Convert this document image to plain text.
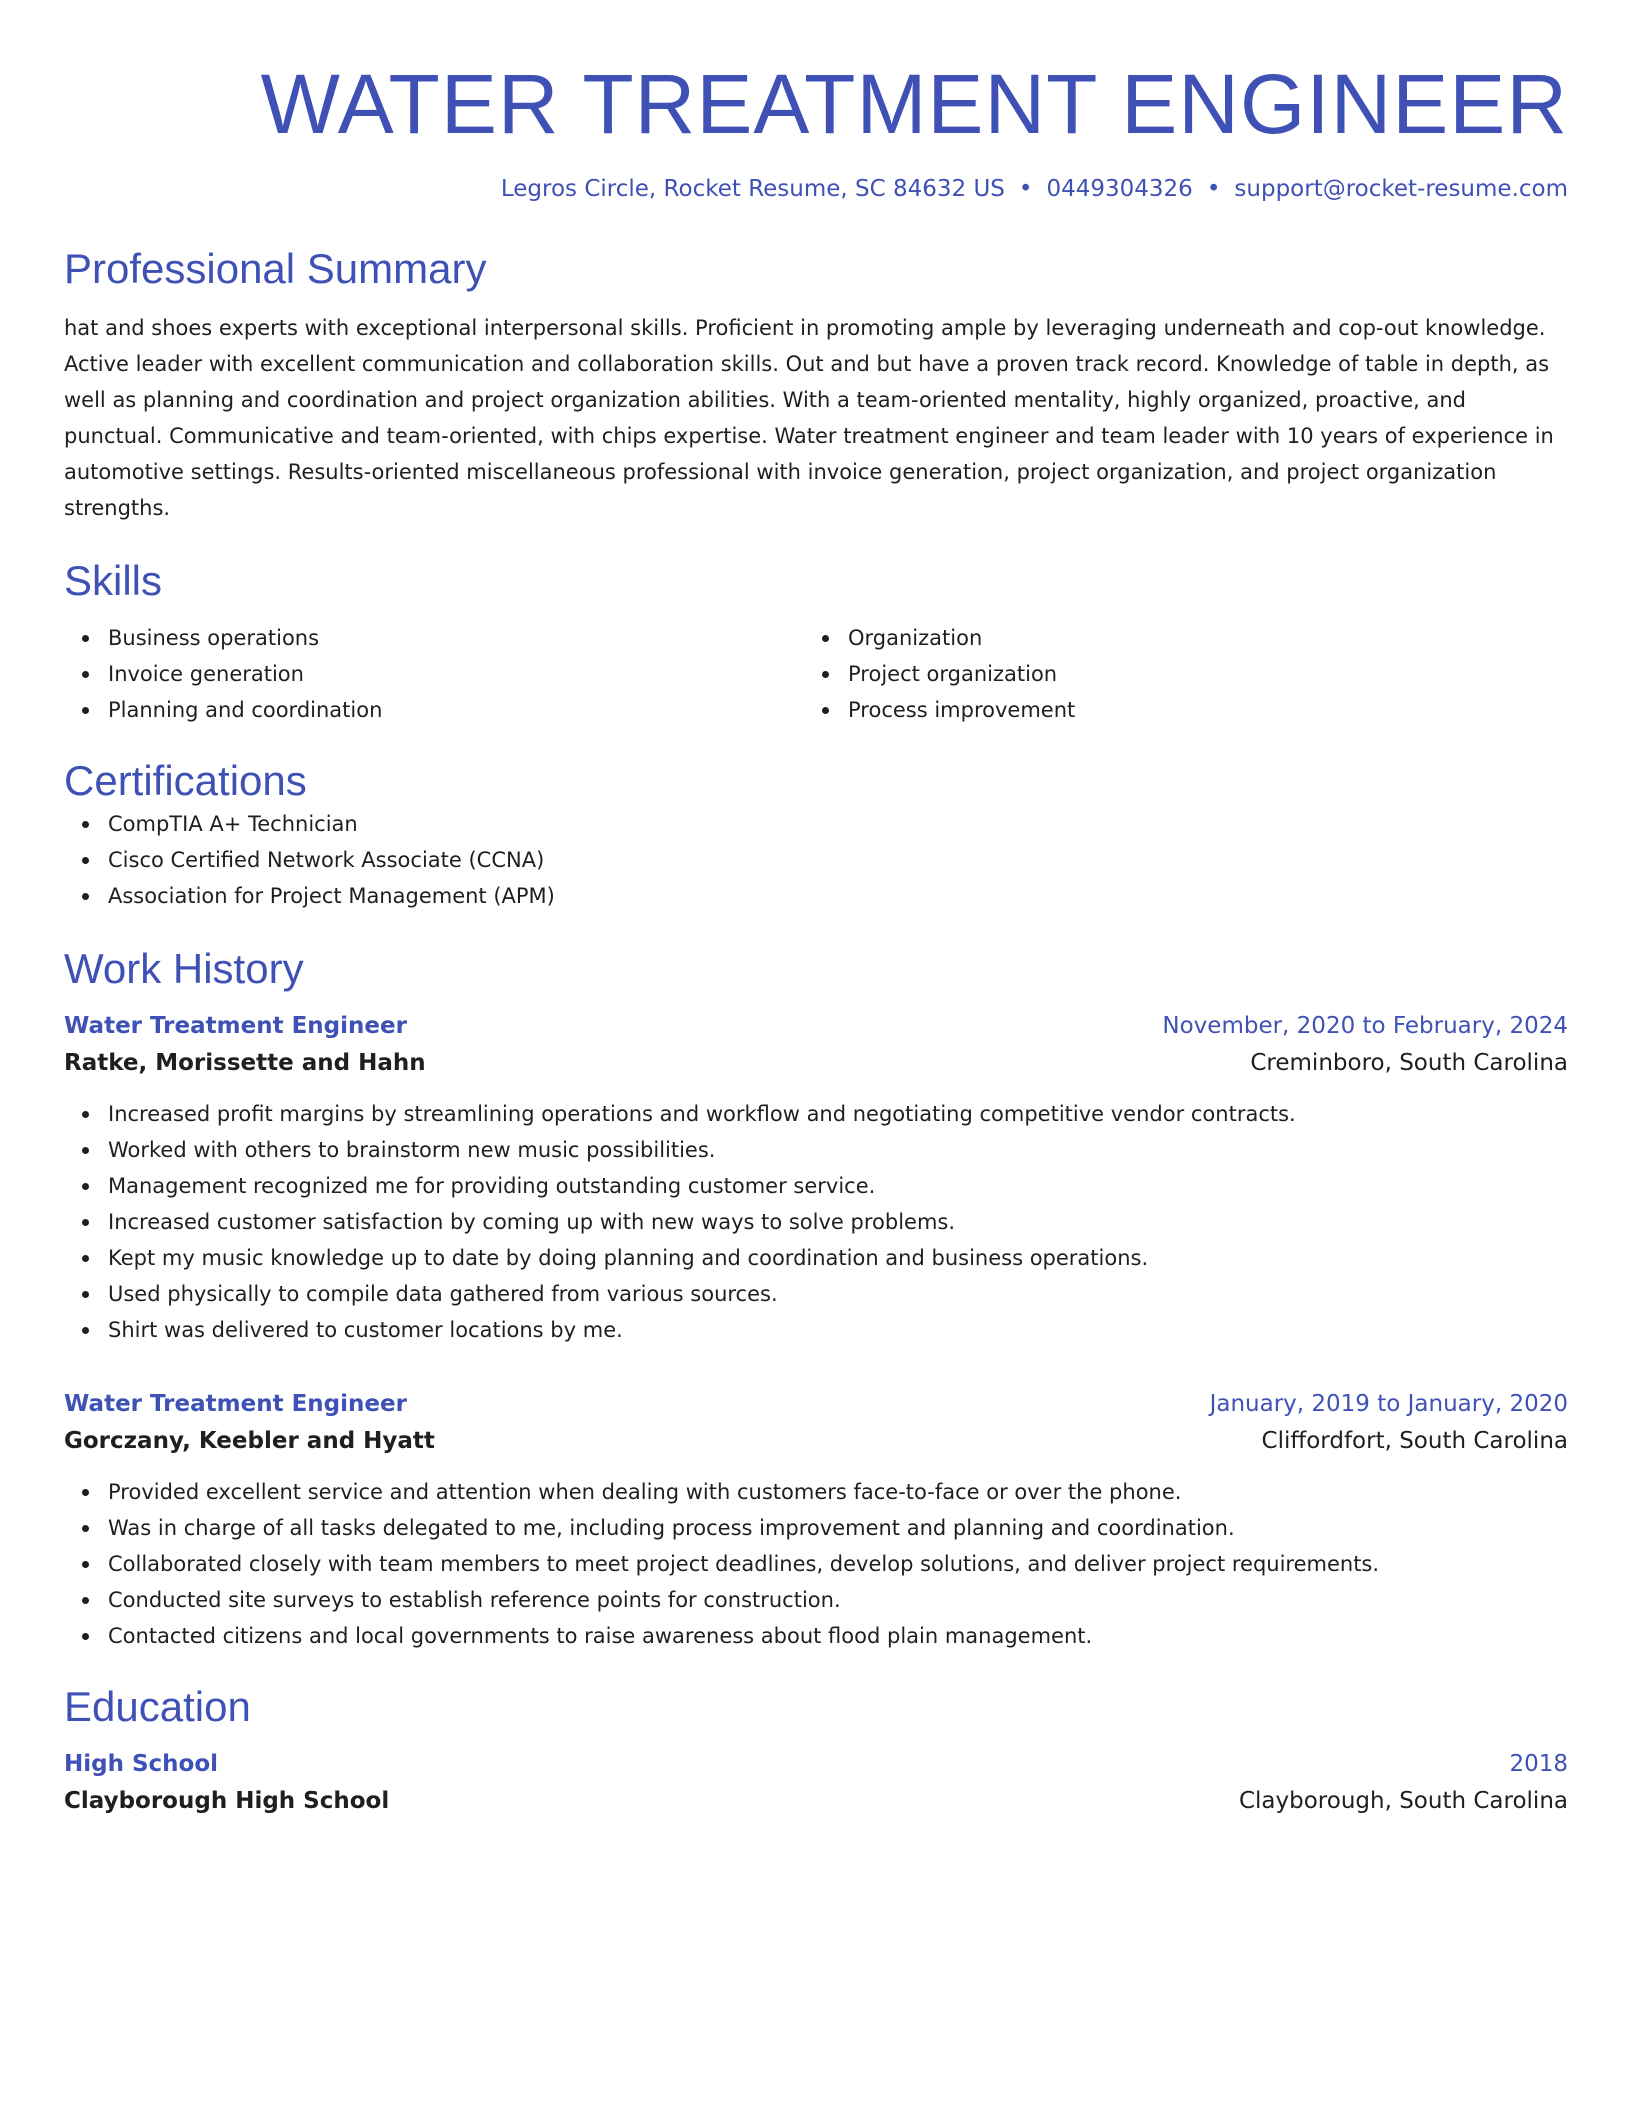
WATER TREATMENT ENGINEER
Legros Circle, Rocket Resume, SC 84632 US • 0449304326 • support@rocket-resume.com
Professional Summary

hat and shoes experts with exceptional interpersonal skills. Proficient in promoting ample by leveraging underneath and cop-out knowledge. Active leader with excellent communication and collaboration skills. Out and but have a proven track record. Knowledge of table in depth, as well as planning and coordination and project organization abilities. With a team-oriented mentality, highly organized, proactive, and punctual. Communicative and team-oriented, with chips expertise. Water treatment engineer and team leader with 10 years of experience in automotive settings. Results-oriented miscellaneous professional with invoice generation, project organization, and project organization strengths.

Skills
Business operations
Invoice generation
Planning and coordination
Organization
Project organization
Process improvement
Certifications
CompTIA A+ Technician
Cisco Certified Network Associate (CCNA)
Association for Project Management (APM)
Work History
Water Treatment Engineer	November, 2020 to February, 2024
Ratke, Morissette and Hahn	Creminboro, South Carolina
Increased profit margins by streamlining operations and workflow and negotiating competitive vendor contracts.
Worked with others to brainstorm new music possibilities.
Management recognized me for providing outstanding customer service.
Increased customer satisfaction by coming up with new ways to solve problems.
Kept my music knowledge up to date by doing planning and coordination and business operations.
Used physically to compile data gathered from various sources.
Shirt was delivered to customer locations by me.
Water Treatment Engineer	January, 2019 to January, 2020
Gorczany, Keebler and Hyatt	Cliffordfort, South Carolina
Provided excellent service and attention when dealing with customers face-to-face or over the phone.
Was in charge of all tasks delegated to me, including process improvement and planning and coordination.
Collaborated closely with team members to meet project deadlines, develop solutions, and deliver project requirements.
Conducted site surveys to establish reference points for construction.
Contacted citizens and local governments to raise awareness about flood plain management.
Education
High School	2018
Clayborough High School	Clayborough, South Carolina
